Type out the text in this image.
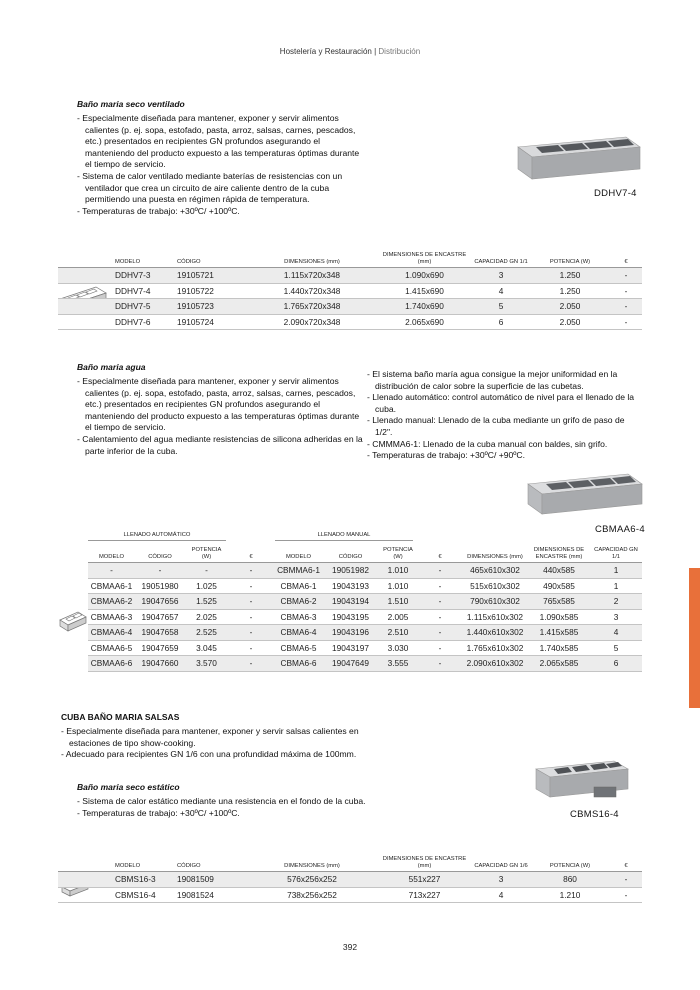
Hostelería y Restauración | Distribución
Baño maria seco ventilado
- Especialmente diseñada para mantener, exponer y servir alimentos calientes (p. ej. sopa, estofado, pasta, arroz, salsas, carnes, pescados, etc.) presentados en recipientes GN profundos asegurando el manteniendo del producto expuesto a las temperaturas óptimas durante el tiempo de servicio.
- Sistema de calor ventilado mediante baterías de resistencias con un ventilador que crea un circuito de aire caliente dentro de la cuba permitiendo una puesta en régimen rápida de temperatura.
- Temperaturas de trabajo: +30ºC/ +100ºC.
DDHV7-4
	MODELO	CÓDIGO	DIMENSIONES (mm)	DIMENSIONES DE ENCASTRE (mm)	CAPACIDAD GN 1/1	POTENCIA (W)	€
	DDHV7-3	19105721	1.115x720x348	1.090x690	3	1.250	-
	DDHV7-4	19105722	1.440x720x348	1.415x690	4	1.250	-
	DDHV7-5	19105723	1.765x720x348	1.740x690	5	2.050	-
	DDHV7-6	19105724	2.090x720x348	2.065x690	6	2.050	-
Baño maria agua
- Especialmente diseñada para mantener, exponer y servir alimentos calientes (p. ej. sopa, estofado, pasta, arroz, salsas, carnes, pescados, etc.) presentados en recipientes GN profundos asegurando el manteniendo del producto expuesto a las temperaturas óptimas durante el tiempo de servicio.
- Calentamiento del agua mediante resistencias de silicona adheridas en la parte inferior de la cuba.
- El sistema baño maría agua consigue la mejor uniformidad en la distribución de calor sobre la superficie de las cubetas.
- Llenado automático: control automático de nivel para el llenado de la cuba.
- Llenado manual: Llenado de la cuba mediante un grifo de paso de 1/2".
- CMMMA6-1: Llenado de la cuba manual con baldes, sin grifo.
- Temperaturas de trabajo: +30ºC/ +90ºC.
CBMAA6-4
LLENADO AUTOMÁTICO	LLENADO MANUAL
MODELO	CÓDIGO	POTENCIA (W)	€	MODELO	CÓDIGO	POTENCIA (W)	€	DIMENSIONES (mm)	DIMENSIONES DE ENCASTRE (mm)	CAPACIDAD GN 1/1
-	-	-	-	CBMMA6-1	19051982	1.010	-	465x610x302	440x585	1
CBMAA6-1	19051980	1.025	-	CBMA6-1	19043193	1.010	-	515x610x302	490x585	1
CBMAA6-2	19047656	1.525	-	CBMA6-2	19043194	1.510	-	790x610x302	765x585	2
CBMAA6-3	19047657	2.025	-	CBMA6-3	19043195	2.005	-	1.115x610x302	1.090x585	3
CBMAA6-4	19047658	2.525	-	CBMA6-4	19043196	2.510	-	1.440x610x302	1.415x585	4
CBMAA6-5	19047659	3.045	-	CBMA6-5	19043197	3.030	-	1.765x610x302	1.740x585	5
CBMAA6-6	19047660	3.570	-	CBMA6-6	19047649	3.555	-	2.090x610x302	2.065x585	6
CUBA BAÑO MARIA SALSAS
- Especialmente diseñada para mantener, exponer y servir salsas calientes en estaciones de tipo show-cooking.
- Adecuado para recipientes GN 1/6 con una profundidad máxima de 100mm.
Baño maria seco estático
- Sistema de calor estático mediante una resistencia en el fondo de la cuba.
- Temperaturas de trabajo: +30ºC/ +100ºC.	CBMS16-4
	MODELO	CÓDIGO	DIMENSIONES (mm)	DIMENSIONES DE ENCASTRE (mm)	CAPACIDAD GN 1/6	POTENCIA (W)	€
	CBMS16-3	19081509	576x256x252	551x227	3	860	-
	CBMS16-4	19081524	738x256x252	713x227	4	1.210	-
392
